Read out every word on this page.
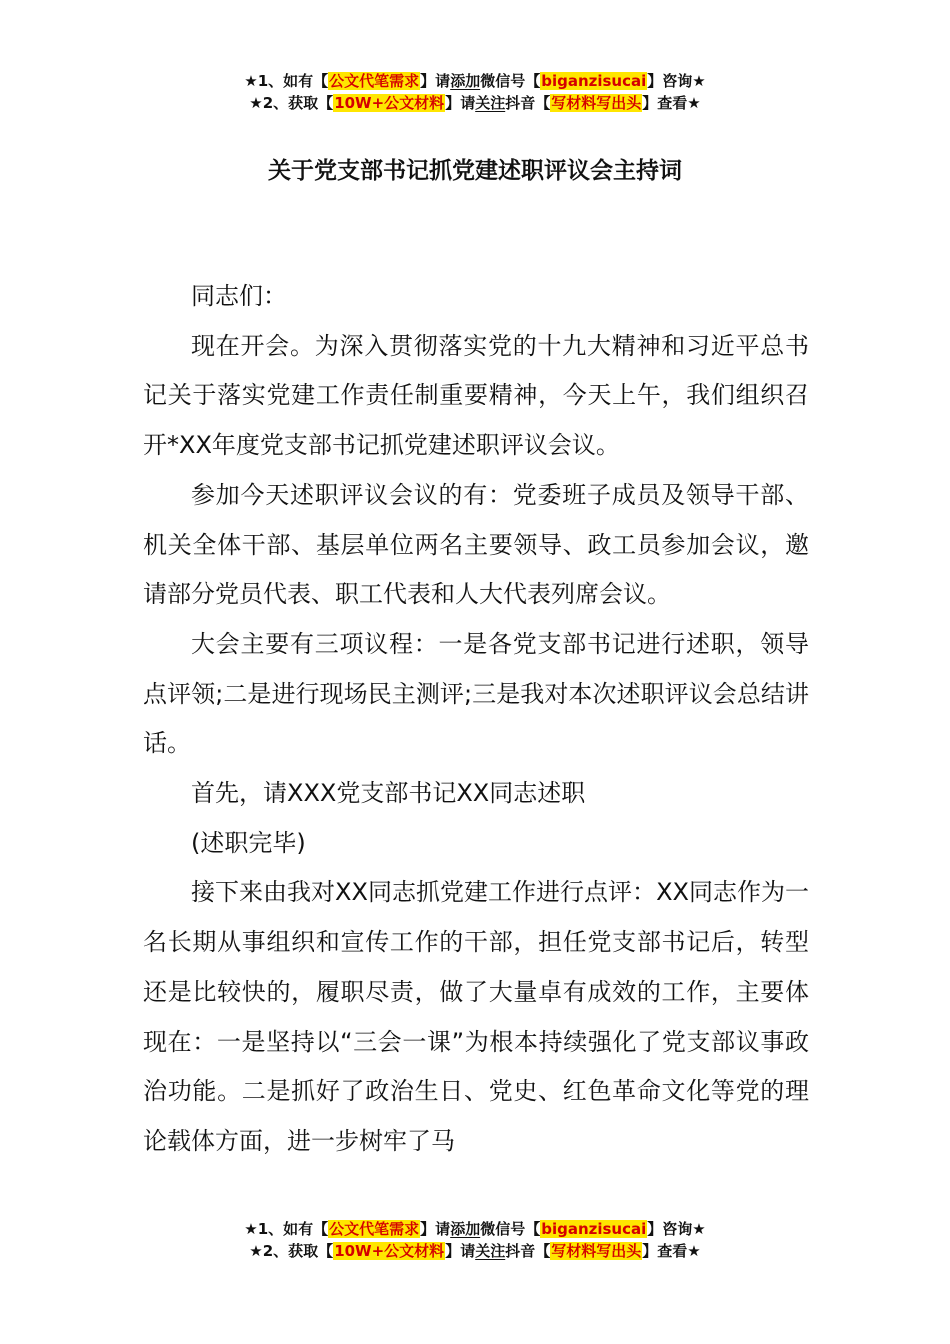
★1、如有【公文代笔需求】请添加微信号【biganzisucai】咨询★
★2、获取【10W+公文材料】请关注抖音【写材料写出头】查看★
关于党支部书记抓党建述职评议会主持词

同志们：

现在开会。为深入贯彻落实党的十九大精神和习近平总书记关于落实党建工作责任制重要精神，今天上午，我们组织召开*XX年度党支部书记抓党建述职评议会议。

参加今天述职评议会议的有：党委班子成员及领导干部、机关全体干部、基层单位两名主要领导、政工员参加会议，邀请部分党员代表、职工代表和人大代表列席会议。

大会主要有三项议程：一是各党支部书记进行述职，领导点评领;二是进行现场民主测评;三是我对本次述职评议会总结讲话。

首先，请XXX党支部书记XX同志述职

(述职完毕)

接下来由我对XX同志抓党建工作进行点评：XX同志作为一名长期从事组织和宣传工作的干部，担任党支部书记后，转型还是比较快的，履职尽责，做了大量卓有成效的工作，主要体现在：一是坚持以“三会一课”为根本持续强化了党支部议事政治功能。二是抓好了政治生日、党史、红色革命文化等党的理论载体方面，进一步树牢了马

★1、如有【公文代笔需求】请添加微信号【biganzisucai】咨询★
★2、获取【10W+公文材料】请关注抖音【写材料写出头】查看★
